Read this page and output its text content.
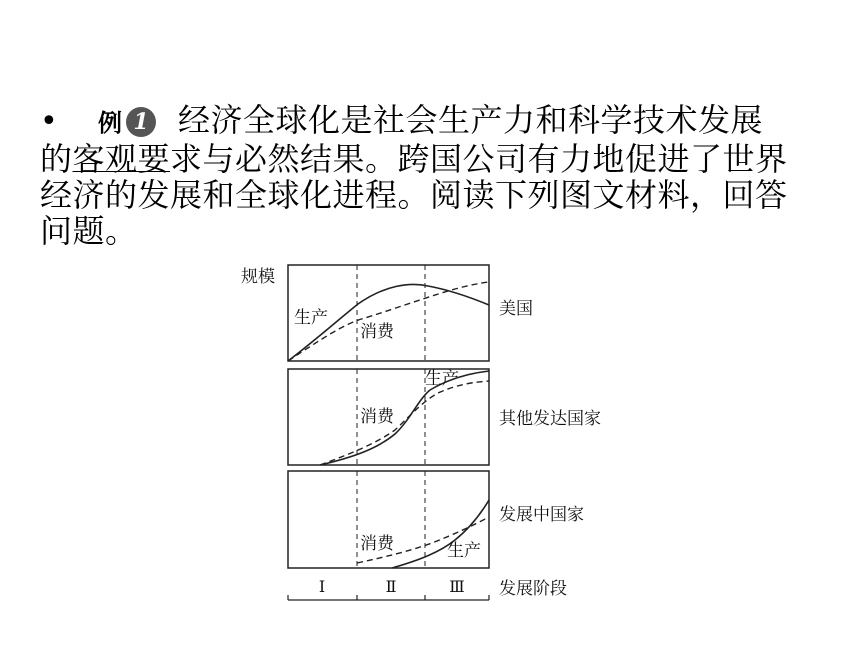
• 例 1 经济全球化是社会生产力和科学技术发展
的客观要求与必然结果。跨国公司有力地促进了世界
经济的发展和全球化进程。阅读下列图文材料，回答
问题。
规模
生产
消费
美国
生产
消费	其他发达国家
生产
消费
发展中国家
Ⅰ	Ⅱ	Ⅲ 发展阶段
